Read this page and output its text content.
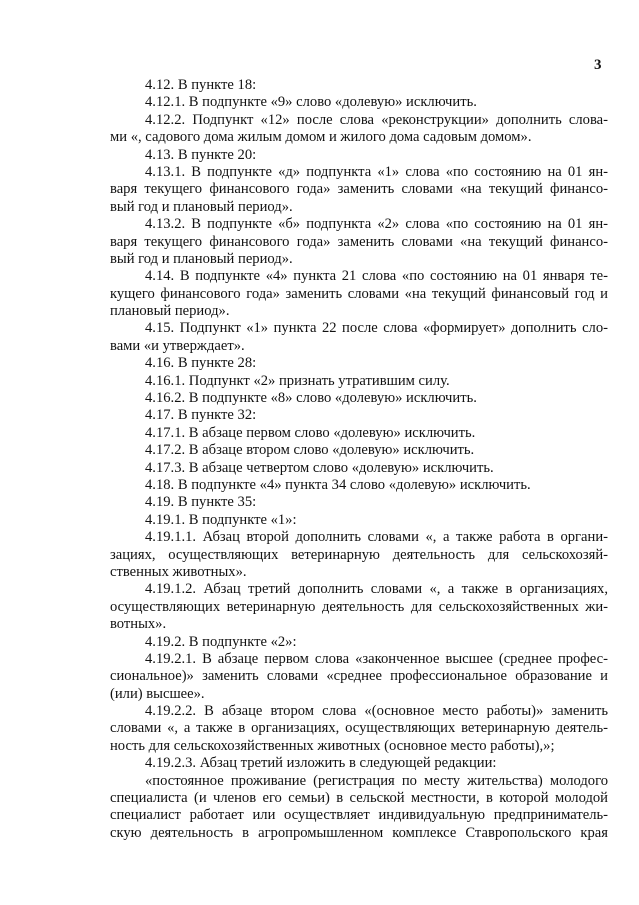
3
4.12. В пункте 18:
4.12.1. В подпункте «9» слово «долевую» исключить.
4.12.2. Подпункт «12» после слова «реконструкции» дополнить слова-
ми «, садового дома жилым домом и жилого дома садовым домом».
4.13. В пункте 20:
4.13.1. В подпункте «д» подпункта «1» слова «по состоянию на 01 ян-
варя текущего финансового года» заменить словами «на текущий финансо-
вый год и плановый период».
4.13.2. В подпункте «б» подпункта «2» слова «по состоянию на 01 ян-
варя текущего финансового года» заменить словами «на текущий финансо-
вый год и плановый период».
4.14. В подпункте «4» пункта 21 слова «по состоянию на 01 января те-
кущего финансового года» заменить словами «на текущий финансовый год и
плановый период».
4.15. Подпункт «1» пункта 22 после слова «формирует» дополнить сло-
вами «и утверждает».
4.16. В пункте 28:
4.16.1. Подпункт «2» признать утратившим силу.
4.16.2. В подпункте «8» слово «долевую» исключить.
4.17. В пункте 32:
4.17.1. В абзаце первом слово «долевую» исключить.
4.17.2. В абзаце втором слово «долевую» исключить.
4.17.3. В абзаце четвертом слово «долевую» исключить.
4.18. В подпункте «4» пункта 34 слово «долевую» исключить.
4.19. В пункте 35:
4.19.1. В подпункте «1»:
4.19.1.1. Абзац второй дополнить словами «, а также работа в органи-
зациях, осуществляющих ветеринарную деятельность для сельскохозяй-
ственных животных».
4.19.1.2. Абзац третий дополнить словами «, а также в организациях,
осуществляющих ветеринарную деятельность для сельскохозяйственных жи-
вотных».
4.19.2. В подпункте «2»:
4.19.2.1. В абзаце первом слова «законченное высшее (среднее профес-
сиональное)» заменить словами «среднее профессиональное образование и
(или) высшее».
4.19.2.2. В абзаце втором слова «(основное место работы)» заменить
словами «, а также в организациях, осуществляющих ветеринарную деятель-
ность для сельскохозяйственных животных (основное место работы),»;
4.19.2.3. Абзац третий изложить в следующей редакции:
«постоянное проживание (регистрация по месту жительства) молодого
специалиста (и членов его семьи) в сельской местности, в которой молодой
специалист работает или осуществляет индивидуальную предприниматель-
скую деятельность в агропромышленном комплексе Ставропольского края
